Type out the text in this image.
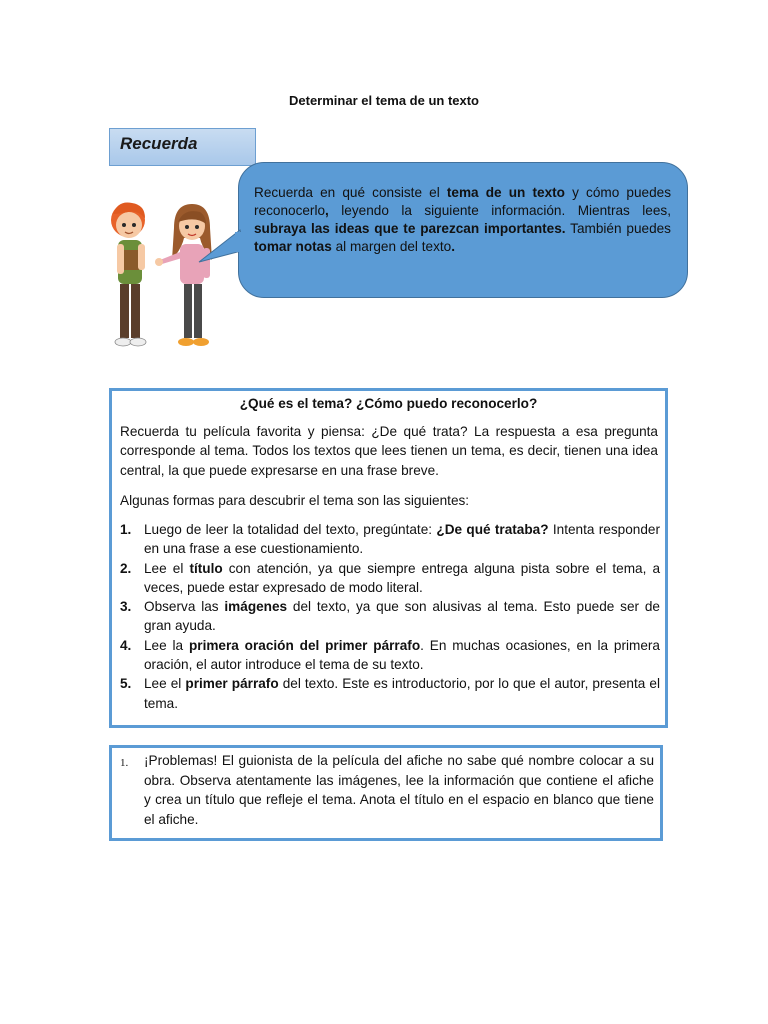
Determinar el tema de un texto
Recuerda
Recuerda en qué consiste el tema de un texto y cómo puedes reconocerlo, leyendo la siguiente información. Mientras lees, subraya las ideas que te parezcan importantes. También puedes tomar notas al margen del texto.
¿Qué es el tema? ¿Cómo puedo reconocerlo?

Recuerda tu película favorita y piensa: ¿De qué trata? La respuesta a esa pregunta corresponde al tema. Todos los textos que lees tienen un tema, es decir, tienen una idea central, la que puede expresarse en una frase breve.

Algunas formas para descubrir el tema son las siguientes:

1. Luego de leer la totalidad del texto, pregúntate: ¿De qué trataba? Intenta responder en una frase a ese cuestionamiento.
2. Lee el título con atención, ya que siempre entrega alguna pista sobre el tema, a veces, puede estar expresado de modo literal.
3. Observa las imágenes del texto, ya que son alusivas al tema. Esto puede ser de gran ayuda.
4. Lee la primera oración del primer párrafo. En muchas ocasiones, en la primera oración, el autor introduce el tema de su texto.
5. Lee el primer párrafo del texto. Este es introductorio, por lo que el autor, presenta el tema.
1. ¡Problemas! El guionista de la película del afiche no sabe qué nombre colocar a su obra. Observa atentamente las imágenes, lee la información que contiene el afiche y crea un título que refleje el tema. Anota el título en el espacio en blanco que tiene el afiche.
